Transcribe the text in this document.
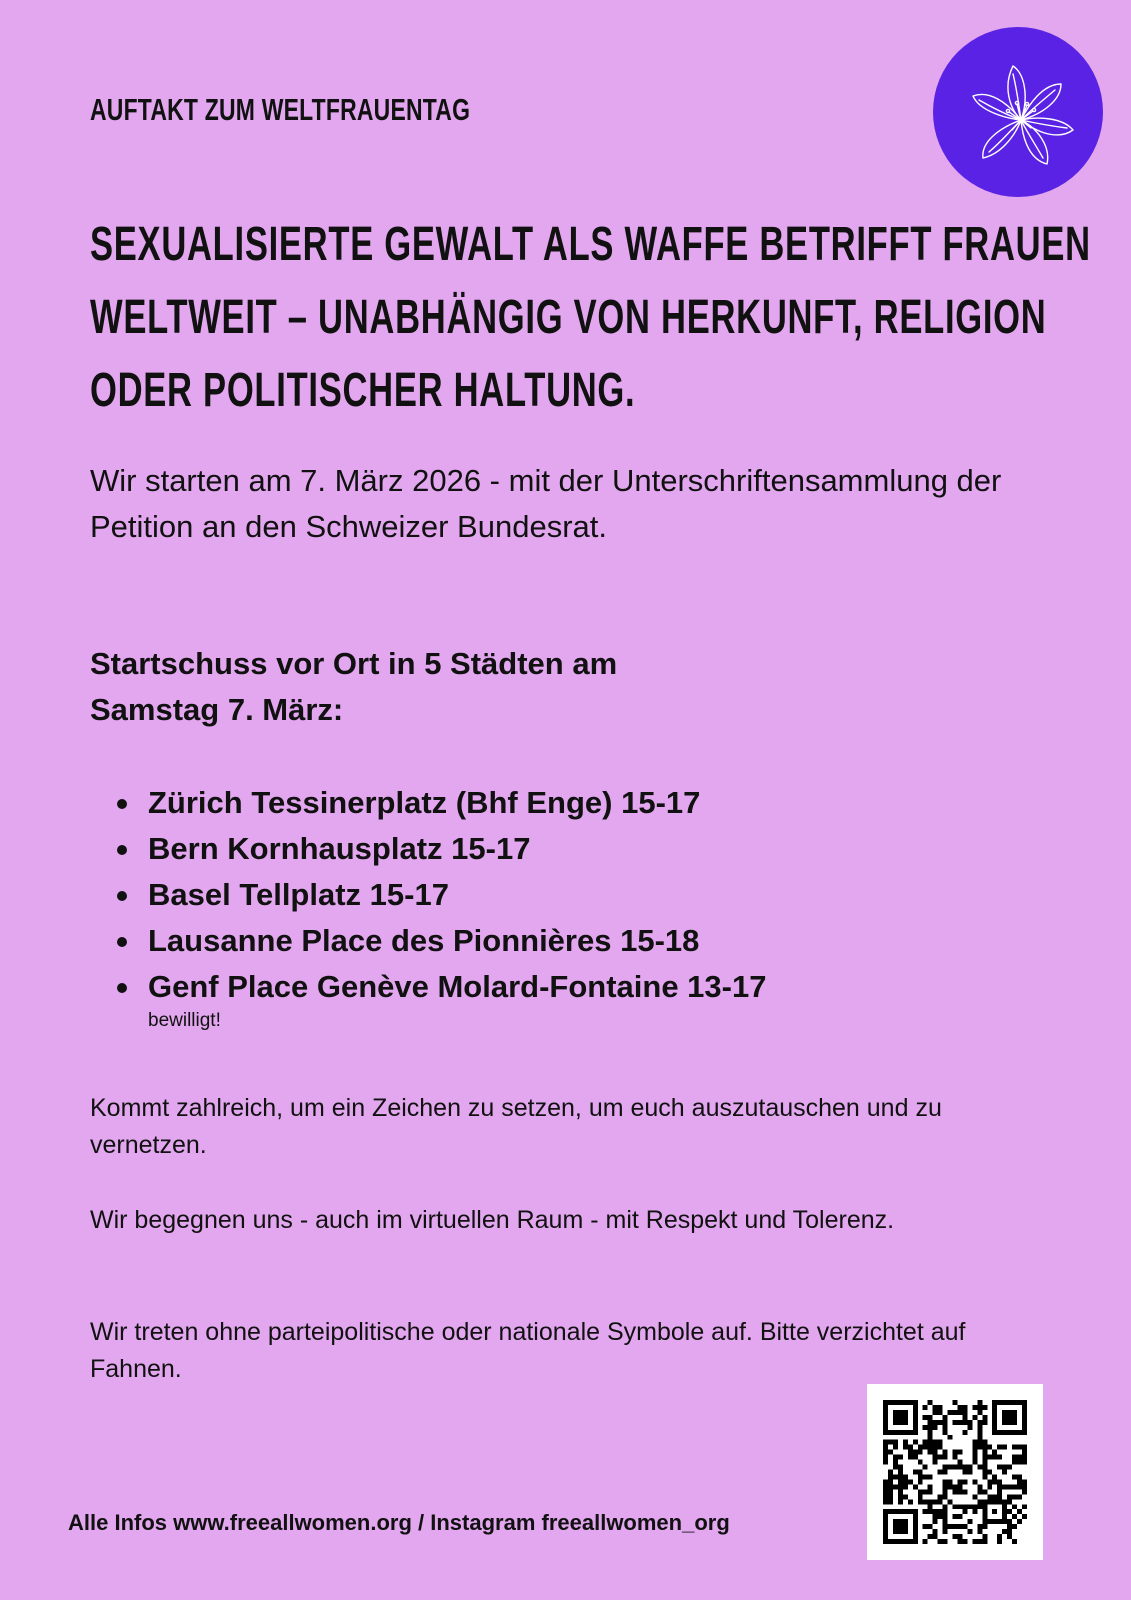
AUFTAKT ZUM WELTFRAUENTAG
SEXUALISIERTE GEWALT ALS WAFFE BETRIFFT FRAUEN
WELTWEIT – UNABHÄNGIG VON HERKUNFT, RELIGION
ODER POLITISCHER HALTUNG.

Wir starten am 7. März 2026 - mit der Unterschriftensammlung der Petition an den Schweizer Bundesrat.

Startschuss vor Ort in 5 Städten am
Samstag 7. März:
Zürich Tessinerplatz (Bhf Enge) 15-17
Bern Kornhausplatz 15-17
Basel Tellplatz 15-17
Lausanne Place des Pionnières 15-18
Genf Place Genève Molard-Fontaine 13-17
bewilligt!

Kommt zahlreich, um ein Zeichen zu setzen, um euch auszutauschen und zu vernetzen.

Wir begegnen uns - auch im virtuellen Raum - mit Respekt und Tolerenz.

Wir treten ohne parteipolitische oder nationale Symbole auf. Bitte verzichtet auf Fahnen.

Alle Infos www.freeallwomen.org / Instagram freeallwomen_org
